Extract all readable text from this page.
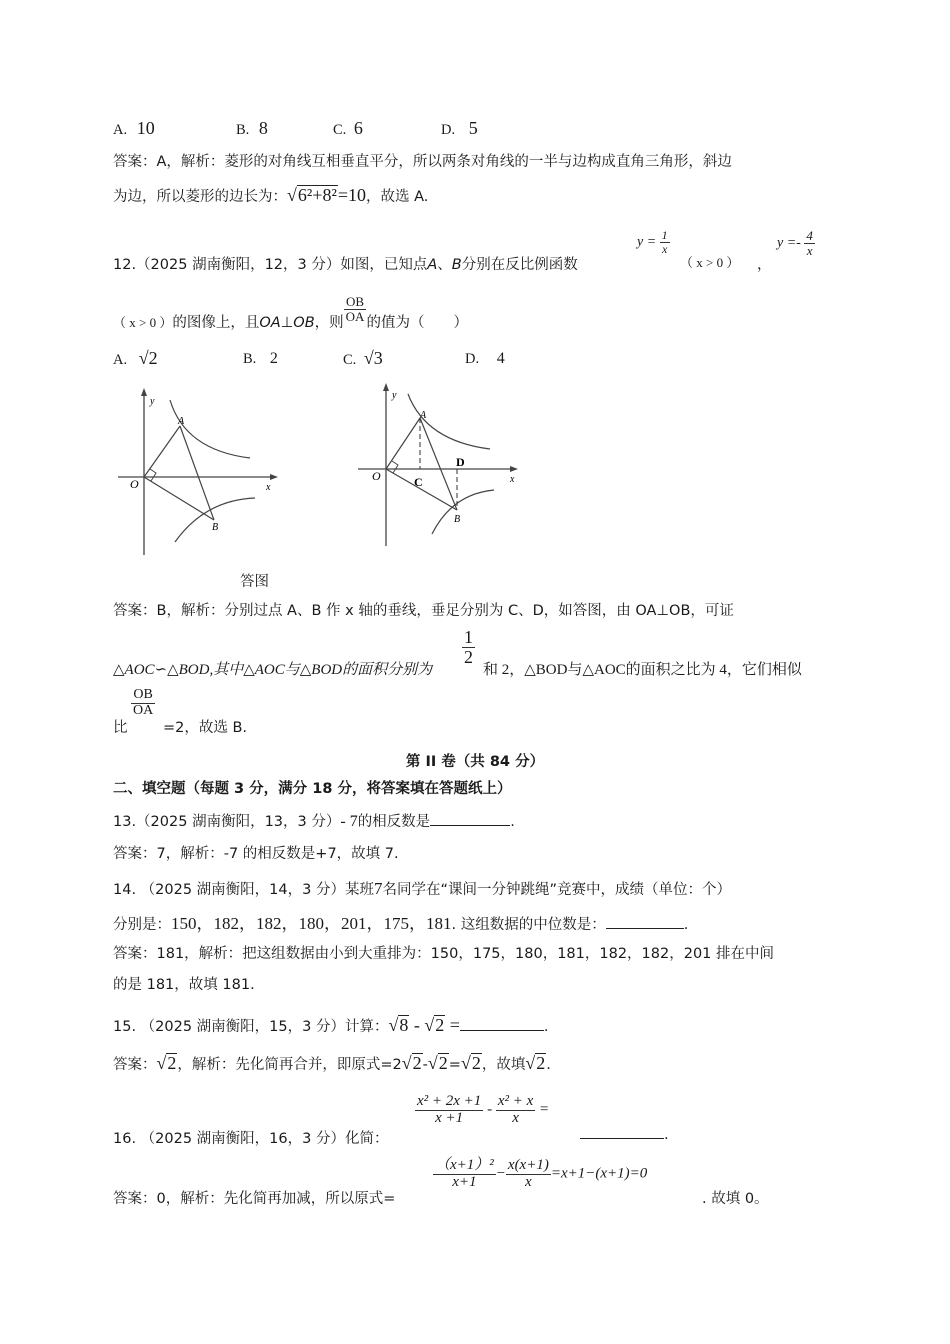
A. 10	B. 8	C. 6	D. 5
答案：A，解析：菱形的对角线互相垂直平分，所以两条对角线的一半与边构成直角三角形，斜边
为边，所以菱形的边长为：√6²+8²=10，故选 A.
12.（2025 湖南衡阳，12，3 分）如图，已知点A、B分别在反比例函数
$y = \frac{1}{x}$
（ x > 0 ） ，
$y =- \frac{4}{x}$
（ x > 0 ）的图像上，且OA⊥OB，则 $\frac{OB}{OA}$ 的值为（　　）
A. √2	B. 2	C. √3	D. 4
y
x
O
A
B
y
x
O
A
B
C
D
答图
答案：B，解析：分别过点 A、B 作 x 轴的垂线，垂足分别为 C、D，如答图，由 OA⊥OB，可证
△AOC∽△BOD,其中△AOC与△BOD的面积分别为
$\frac{1}{2}$
和 2，△BOD与△AOC的面积之比为 4，它们相似
比
$\frac{OB}{OA}$
=2，故选 B.
第 II 卷（共 84 分）
二、填空题（每题 3 分，满分 18 分，将答案填在答题纸上）
13.（2025 湖南衡阳，13，3 分）- 7的相反数是	.
答案：7，解析：-7 的相反数是+7，故填 7.
14. （2025 湖南衡阳，14，3 分）某班7名同学在“课间一分钟跳绳”竞赛中，成绩（单位：个）
分别是：150，182，182，180，201，175，181. 这组数据的中位数是：	.
答案：181，解析：把这组数据由小到大重排为：150，175，180，181，182，182，201 排在中间
的是 181，故填 181.
15. （2025 湖南衡阳，15，3 分）计算：√8 - √2 =	.
答案：√2，解析：先化简再合并，即原式=2√2-√2=√2，故填√2.
16. （2025 湖南衡阳，16，3 分）化简：
$\frac{\text{x² + 2x +1}}{x +1} - \frac{\text{x² + x}}{x}$ =
.
答案：0，解析：先化简再加减，所以原式=
$\frac{\text{（x+1）²}}{x+1} - \frac{x(x+1)}{x} =x+1-(x+1)=0$
. 故填 0。
